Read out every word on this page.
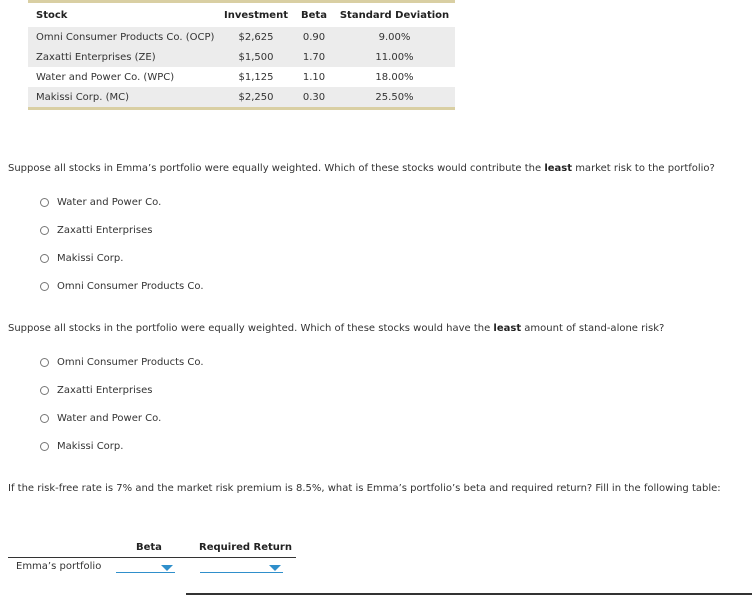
Stock	Investment	Beta	Standard Deviation
Omni Consumer Products Co. (OCP)	$2,625	0.90	9.00%
Zaxatti Enterprises (ZE)	$1,500	1.70	11.00%
Water and Power Co. (WPC)	$1,125	1.10	18.00%
Makissi Corp. (MC)	$2,250	0.30	25.50%
Suppose all stocks in Emma’s portfolio were equally weighted. Which of these stocks would contribute the least market risk to the portfolio?
Water and Power Co.
Zaxatti Enterprises
Makissi Corp.
Omni Consumer Products Co.
Suppose all stocks in the portfolio were equally weighted. Which of these stocks would have the least amount of stand-alone risk?
Omni Consumer Products Co.
Zaxatti Enterprises
Water and Power Co.
Makissi Corp.
If the risk-free rate is 7% and the market risk premium is 8.5%, what is Emma’s portfolio’s beta and required return? Fill in the following table:
Beta	Required Return
Emma’s portfolio
